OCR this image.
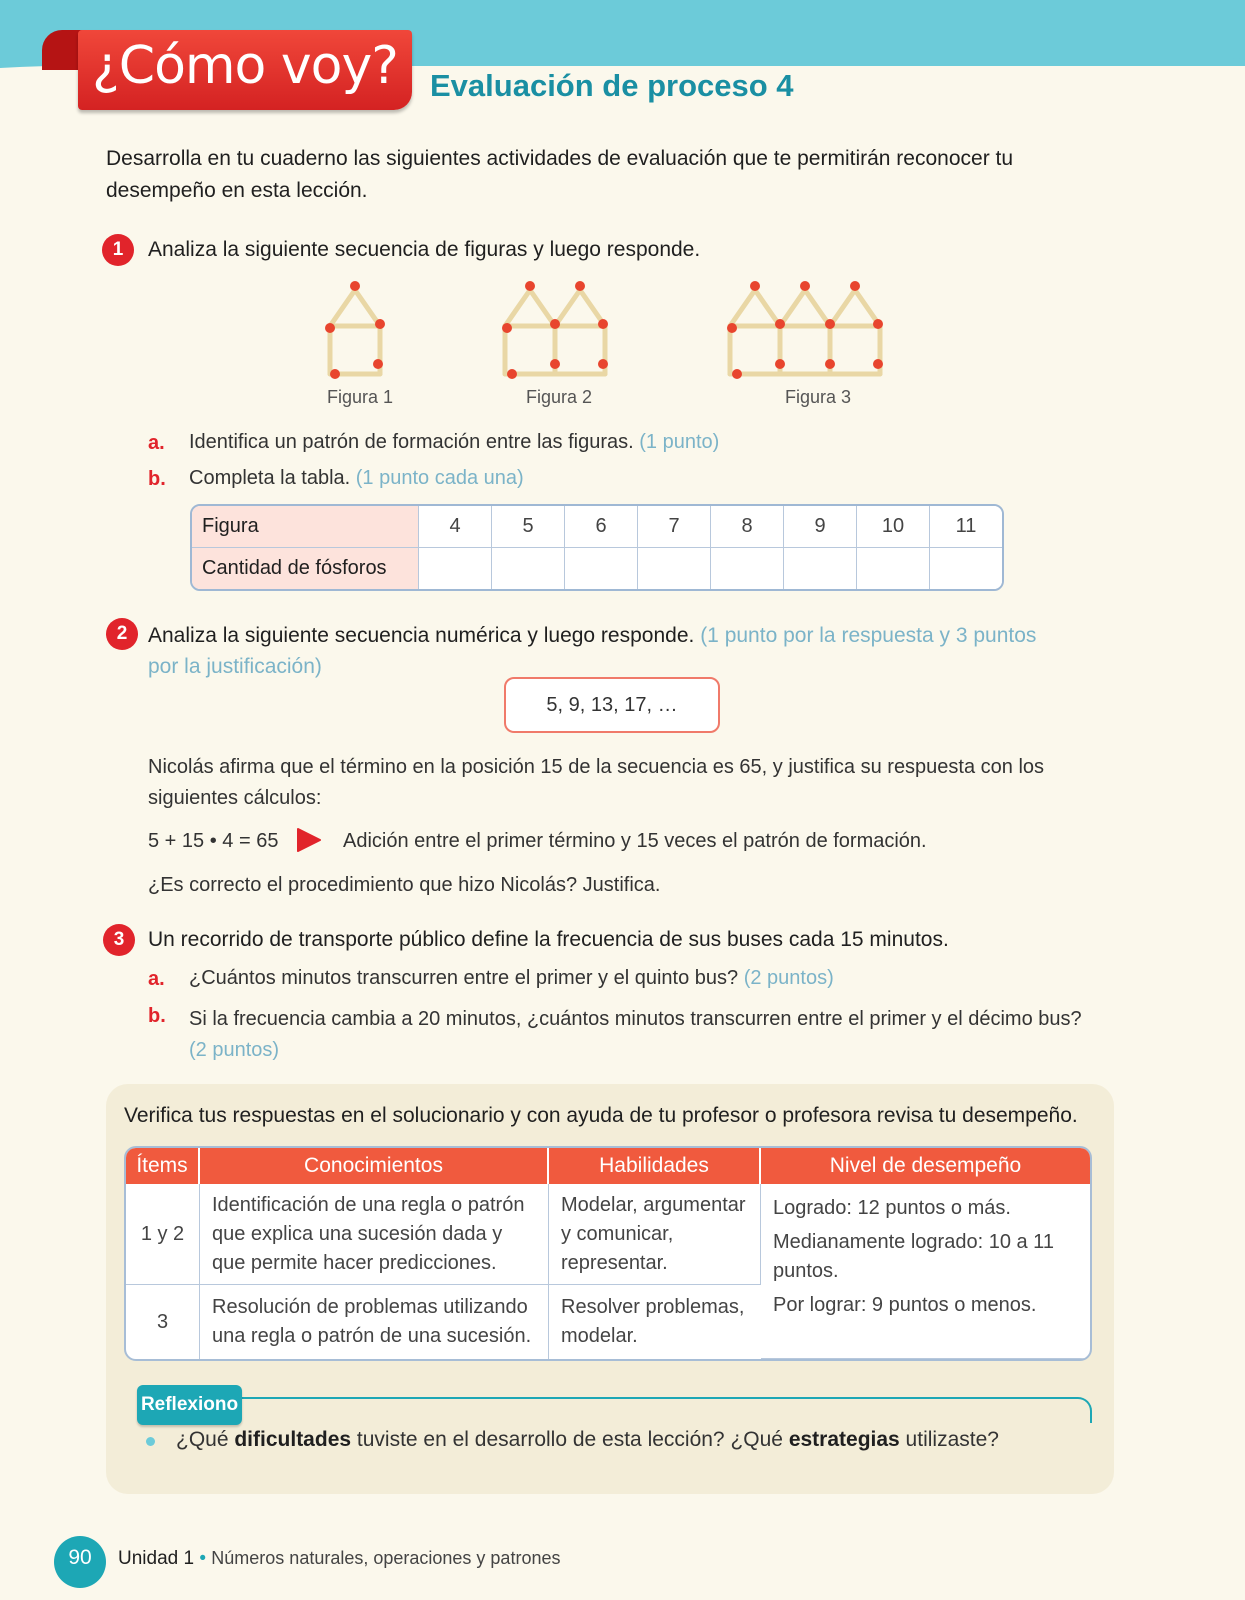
¿Cómo voy?	Evaluación de proceso 4
Desarrolla en tu cuaderno las siguientes actividades de evaluación que te permitirán reconocer tu desempeño en esta lección.
1	Analiza la siguiente secuencia de figuras y luego responde.
Figura 1	Figura 2	Figura 3
a. Identifica un patrón de formación entre las figuras. (1 punto)
b. Completa la tabla. (1 punto cada una)
Figura	4	5	6	7	8	9	10	11
Cantidad de fósforos								
2 Analiza la siguiente secuencia numérica y luego responde. (1 punto por la respuesta y 3 puntos por la justificación)
5, 9, 13, 17, …
Nicolás afirma que el término en la posición 15 de la secuencia es 65, y justifica su respuesta con los siguientes cálculos:
5 + 15 • 4 = 65	Adición entre el primer término y 15 veces el patrón de formación.
¿Es correcto el procedimiento que hizo Nicolás? Justifica.
3	Un recorrido de transporte público define la frecuencia de sus buses cada 15 minutos.
a. ¿Cuántos minutos transcurren entre el primer y el quinto bus? (2 puntos)
b. Si la frecuencia cambia a 20 minutos, ¿cuántos minutos transcurren entre el primer y el décimo bus? (2 puntos)
Verifica tus respuestas en el solucionario y con ayuda de tu profesor o profesora revisa tu desempeño.
Ítems	Conocimientos	Habilidades	Nivel de desempeño
1 y 2	Identificación de una regla o patrón que explica una sucesión dada y que permite hacer predicciones.	Modelar, argumentar y comunicar, representar.	Logrado: 12 puntos o más.
Medianamente logrado: 10 a 11 puntos.
Por lograr: 9 puntos o menos.

3	Resolución de problemas utilizando una regla o patrón de una sucesión.	Resolver problemas, modelar.	
Reflexiono
¿Qué dificultades tuviste en el desarrollo de esta lección? ¿Qué estrategias utilizaste?
90	Unidad 1 • Números naturales, operaciones y patrones
